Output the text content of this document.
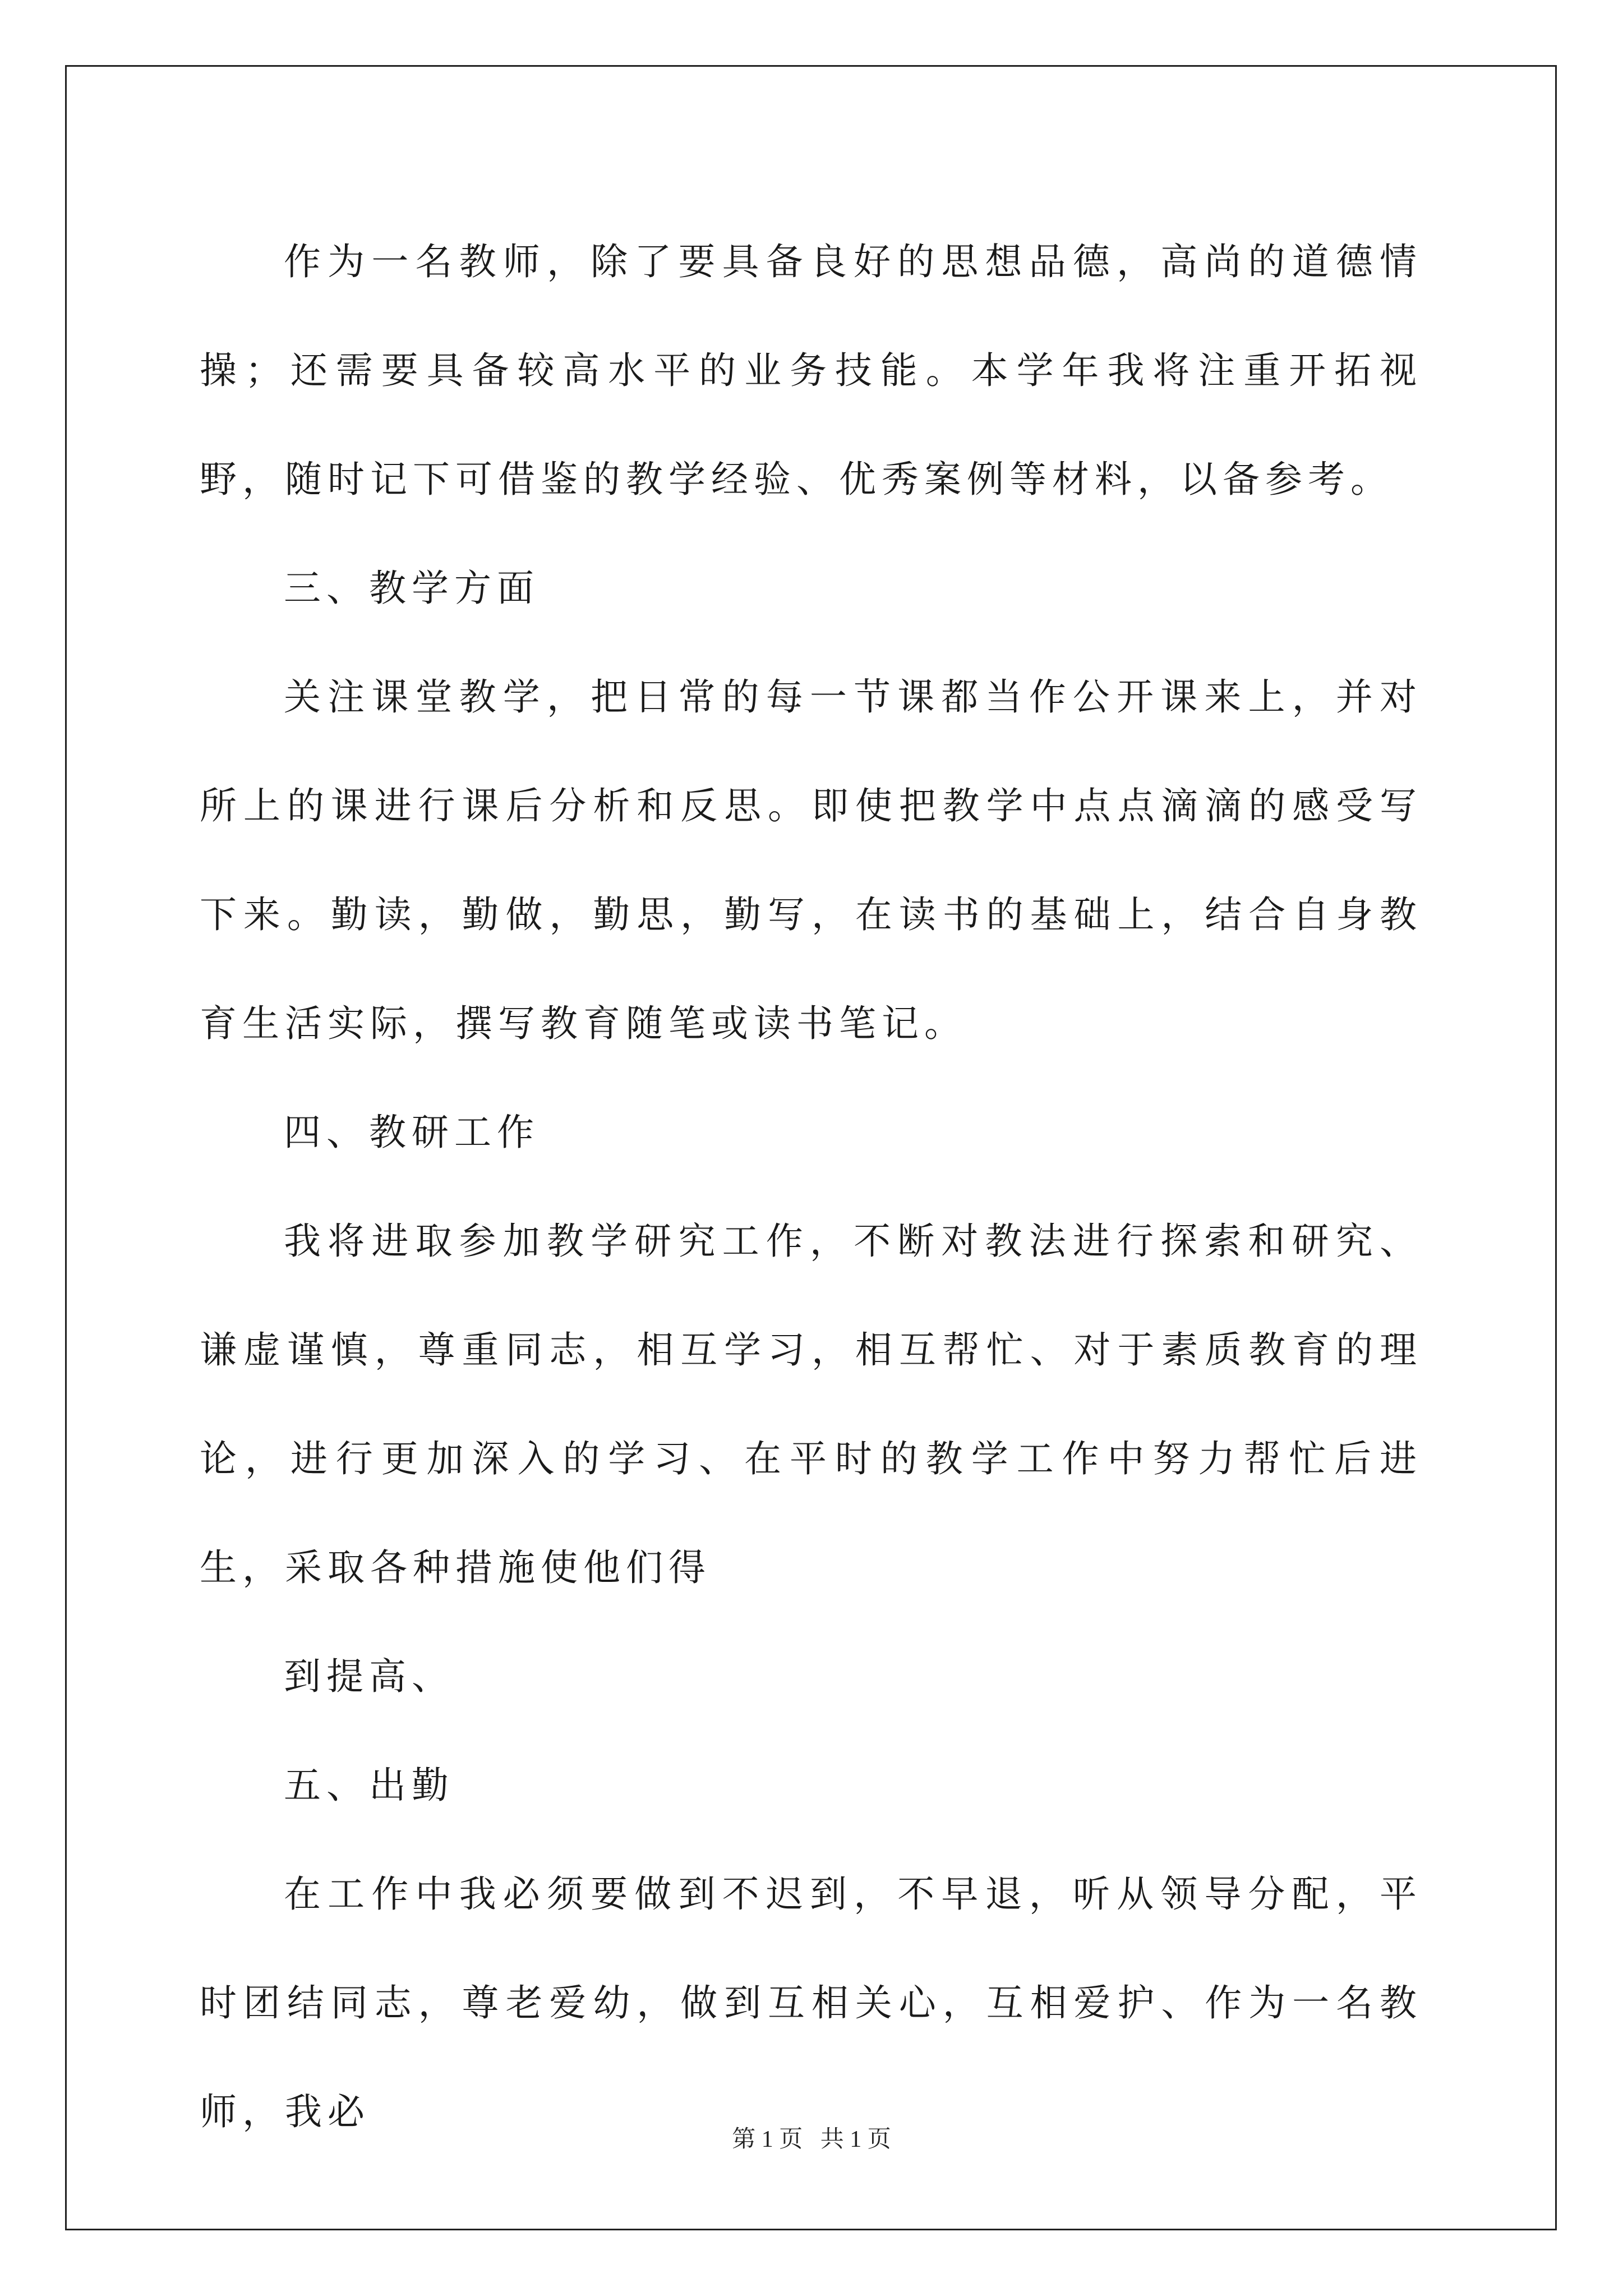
作为一名教师，除了要具备良好的思想品德，高尚的道德情操；还需要具备较高水平的业务技能。本学年我将注重开拓视野，随时记下可借鉴的教学经验、优秀案例等材料，以备参考。

三、教学方面

关注课堂教学，把日常的每一节课都当作公开课来上，并对所上的课进行课后分析和反思。即使把教学中点点滴滴的感受写下来。勤读，勤做，勤思，勤写，在读书的基础上，结合自身教育生活实际，撰写教育随笔或读书笔记。

四、教研工作

我将进取参加教学研究工作，不断对教法进行探索和研究、谦虚谨慎，尊重同志，相互学习，相互帮忙、对于素质教育的理论，进行更加深入的学习、在平时的教学工作中努力帮忙后进生，采取各种措施使他们得

到提高、

五、出勤

在工作中我必须要做到不迟到，不早退，听从领导分配，平时团结同志，尊老爱幼，做到互相关心，互相爱护、作为一名教师，我必

第 1 页   共 1 页
